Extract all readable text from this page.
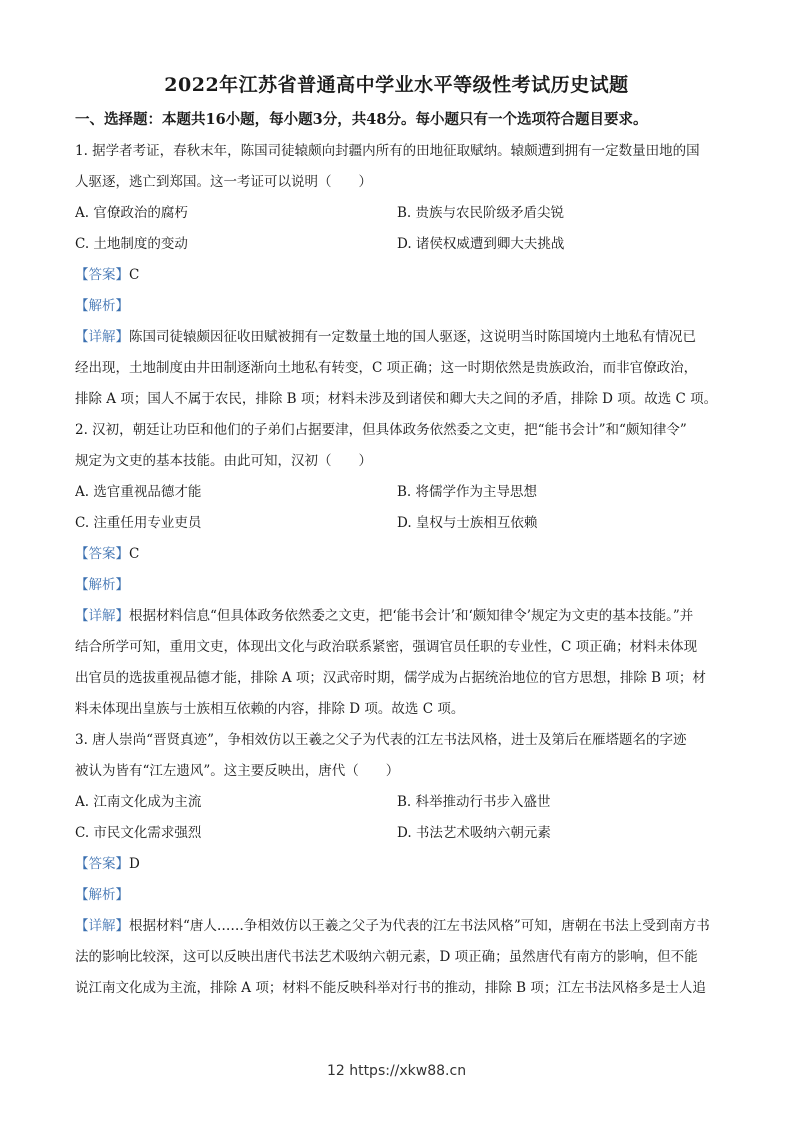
2022年江苏省普通高中学业水平等级性考试历史试题
一、选择题：本题共16小题，每小题3分，共48分。每小题只有一个选项符合题目要求。
1. 据学者考证，春秋末年，陈国司徒辕颇向封疆内所有的田地征取赋纳。辕颇遭到拥有一定数量田地的国
人驱逐，逃亡到郑国。这一考证可以说明（　　）
A. 官僚政治的腐朽	B. 贵族与农民阶级矛盾尖锐
C. 土地制度的变动	D. 诸侯权威遭到卿大夫挑战
【答案】C
【解析】
【详解】陈国司徒辕颇因征收田赋被拥有一定数量土地的国人驱逐，这说明当时陈国境内土地私有情况已
经出现，土地制度由井田制逐渐向土地私有转变，C 项正确；这一时期依然是贵族政治，而非官僚政治，
排除 A 项；国人不属于农民，排除 B 项；材料未涉及到诸侯和卿大夫之间的矛盾，排除 D 项。故选 C 项。
2. 汉初，朝廷让功臣和他们的子弟们占据要津，但具体政务依然委之文吏，把“能书会计”和“颇知律令”
规定为文吏的基本技能。由此可知，汉初（　　）
A. 选官重视品德才能	B. 将儒学作为主导思想
C. 注重任用专业吏员	D. 皇权与士族相互依赖
【答案】C
【解析】
【详解】根据材料信息“但具体政务依然委之文吏，把‘能书会计’和‘颇知律令’规定为文吏的基本技能。”并
结合所学可知，重用文吏，体现出文化与政治联系紧密，强调官员任职的专业性，C 项正确；材料未体现
出官员的选拔重视品德才能，排除 A 项；汉武帝时期，儒学成为占据统治地位的官方思想，排除 B 项；材
料未体现出皇族与士族相互依赖的内容，排除 D 项。故选 C 项。
3. 唐人崇尚“晋贤真迹”，争相效仿以王羲之父子为代表的江左书法风格，进士及第后在雁塔题名的字迹
被认为皆有“江左遗风”。这主要反映出，唐代（　　）
A. 江南文化成为主流	B. 科举推动行书步入盛世
C. 市民文化需求强烈	D. 书法艺术吸纳六朝元素
【答案】D
【解析】
【详解】根据材料“唐人……争相效仿以王羲之父子为代表的江左书法风格”可知，唐朝在书法上受到南方书
法的影响比较深，这可以反映出唐代书法艺术吸纳六朝元素，D 项正确；虽然唐代有南方的影响，但不能
说江南文化成为主流，排除 A 项；材料不能反映科举对行书的推动，排除 B 项；江左书法风格多是士人追
12 https://xkw88.cn
